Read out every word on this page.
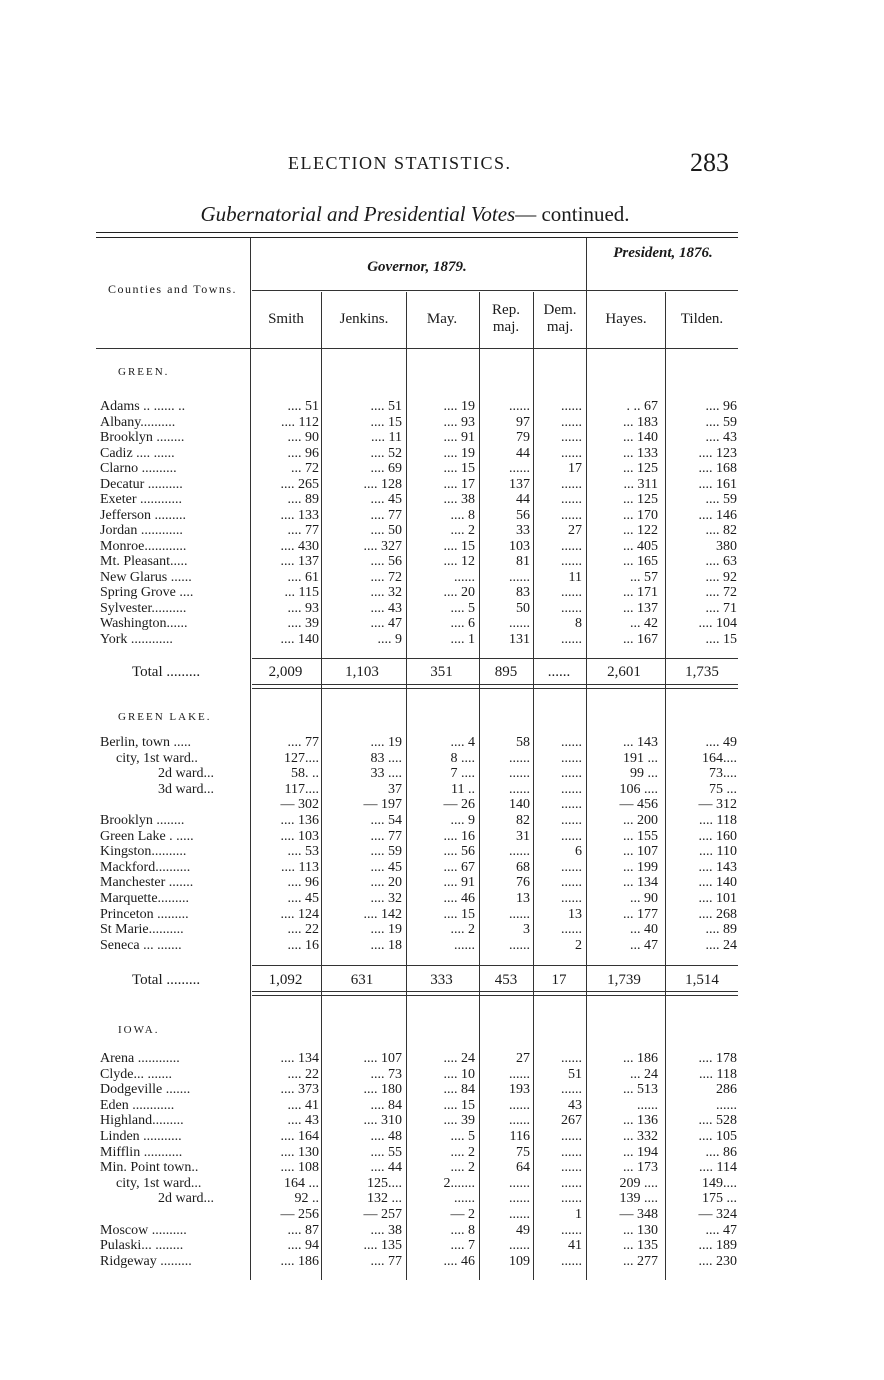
ELECTION STATISTICS.	283
Gubernatorial and Presidential Votes— continued.
Counties and Towns.
Governor, 1879.
President, 1876.
Smith	Jenkins.	May.
Rep. maj.
Dem. maj.	Hayes.	Tilden.
GREEN.
Adams .. ...... ..	.... 51	.... 51	.... 19	......	......	. .. 67	.... 96
Albany..........	.... 112	.... 15	.... 93	97	......	... 183	.... 59
Brooklyn ........	.... 90	.... 11	.... 91	79	......	... 140	.... 43
Cadiz .... ......	.... 96	.... 52	.... 19	44	......	... 133	.... 123
Clarno ..........	... 72	.... 69	.... 15	......	17	... 125	.... 168
Decatur ..........	.... 265	.... 128	.... 17	137	......	... 311	.... 161
Exeter ............	.... 89	.... 45	.... 38	44	......	... 125	.... 59
Jefferson .........	.... 133	.... 77	.... 8	56	......	... 170	.... 146
Jordan ............	.... 77	.... 50	.... 2	33	27	... 122	.... 82
Monroe............	.... 430	.... 327	.... 15	103	......	... 405	380
Mt. Pleasant.....	.... 137	.... 56	.... 12	81	......	... 165	.... 63
New Glarus ......	.... 61	.... 72	......	......	11	... 57	.... 92
Spring Grove ....	... 115	.... 32	.... 20	83	......	... 171	.... 72
Sylvester..........	.... 93	.... 43	.... 5	50	......	... 137	.... 71
Washington......	.... 39	.... 47	.... 6	......	8	... 42	.... 104
York ............	.... 140	.... 9	.... 1	131	......	... 167	.... 15
Total .........	2,009	1,103	351	895	......	2,601	1,735
GREEN LAKE.
Berlin, town .....	.... 77	.... 19	.... 4	58	......	... 143	.... 49
city, 1st ward..	127....	83 ....	8 ....	......	......	191 ...	164....
2d ward...	58. ..	33 ....	7 ....	......	......	99 ...	73....
3d ward...	117....	37	11 ..	......	......	106 ....	75 ...
— 302	— 197	— 26	140	......	— 456	— 312
Brooklyn ........	.... 136	.... 54	.... 9	82	......	... 200	.... 118
Green Lake . .....	.... 103	.... 77	.... 16	31	......	... 155	.... 160
Kingston..........	.... 53	.... 59	.... 56	......	6	... 107	.... 110
Mackford..........	.... 113	.... 45	.... 67	68	......	... 199	.... 143
Manchester .......	.... 96	.... 20	.... 91	76	......	... 134	.... 140
Marquette.........	.... 45	.... 32	.... 46	13	......	... 90	.... 101
Princeton .........	.... 124	.... 142	.... 15	......	13	... 177	.... 268
St Marie..........	.... 22	.... 19	.... 2	3	......	... 40	.... 89
Seneca ... .......	.... 16	.... 18	......	......	2	... 47	.... 24
Total .........	1,092	631	333	453	17	1,739	1,514
IOWA.
Arena ............	.... 134	.... 107	.... 24	27	......	... 186	.... 178
Clyde... .......	.... 22	.... 73	.... 10	......	51	... 24	.... 118
Dodgeville .......	.... 373	.... 180	.... 84	193	......	... 513	286
Eden ............	.... 41	.... 84	.... 15	......	43	......	......
Highland.........	.... 43	.... 310	.... 39	......	267	... 136	.... 528
Linden ...........	.... 164	.... 48	.... 5	116	......	... 332	.... 105
Mifflin ...........	.... 130	.... 55	.... 2	75	......	... 194	.... 86
Min. Point town..	.... 108	.... 44	.... 2	64	......	... 173	.... 114
city, 1st ward...	164 ...	125....	2.......	......	......	209 ....	149....
2d ward...	92 ..	132 ...	......	......	......	139 ....	175 ...
— 256	— 257	— 2	......	1	— 348	— 324
Moscow ..........	.... 87	.... 38	.... 8	49	......	... 130	.... 47
Pulaski... ........	.... 94	.... 135	.... 7	......	41	... 135	.... 189
Ridgeway .........	.... 186	.... 77	.... 46	109	......	... 277	.... 230
